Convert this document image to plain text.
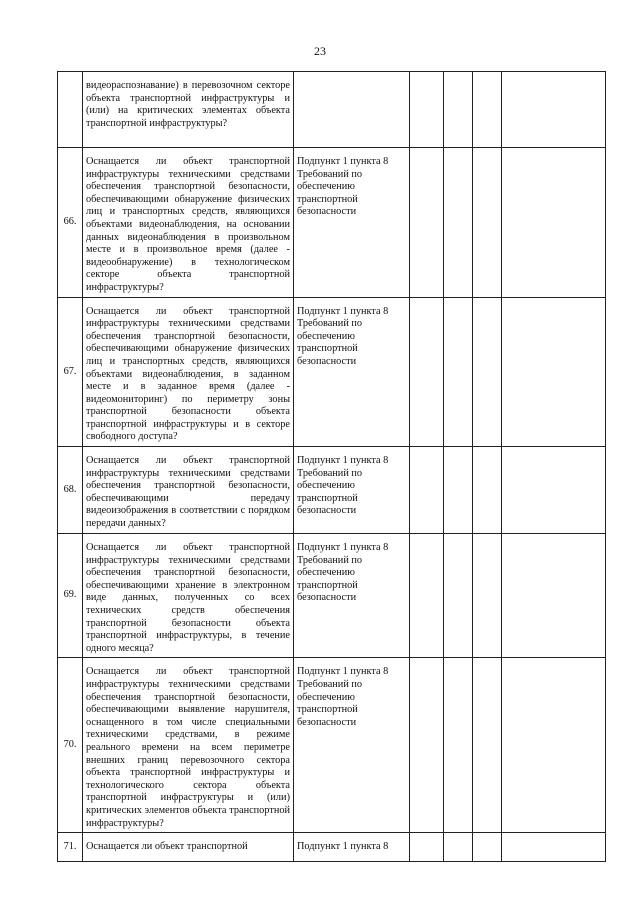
23
	видеораспознавание) в перевозочном секторе объекта транспортной инфраструктуры и (или) на критических элементах объекта транспортной инфраструктуры?					
66.	Оснащается ли объект транспортной инфраструктуры техническими средствами обеспечения транспортной безопасности, обеспечивающими обнаружение физических лиц и транспортных средств, являющихся объектами видеонаблюдения, на основании данных видеонаблюдения в произвольном месте и в произвольное время (далее - видеообнаружение) в технологическом секторе объекта транспортной инфраструктуры?	Подпункт 1 пункта 8 Требований по обеспечению транспортной безопасности				
67.	Оснащается ли объект транспортной инфраструктуры техническими средствами обеспечения транспортной безопасности, обеспечивающими обнаружение физических лиц и транспортных средств, являющихся объектами видеонаблюдения, в заданном месте и в заданное время (далее - видеомониторинг) по периметру зоны транспортной безопасности объекта транспортной инфраструктуры и в секторе свободного доступа?	Подпункт 1 пункта 8 Требований по обеспечению транспортной безопасности				
68.	Оснащается ли объект транспортной инфраструктуры техническими средствами обеспечения транспортной безопасности, обеспечивающими передачу видеоизображения в соответствии с порядком передачи данных?	Подпункт 1 пункта 8 Требований по обеспечению транспортной безопасности				
69.	Оснащается ли объект транспортной инфраструктуры техническими средствами обеспечения транспортной безопасности, обеспечивающими хранение в электронном виде данных, полученных со всех технических средств обеспечения транспортной безопасности объекта транспортной инфраструктуры, в течение одного месяца?	Подпункт 1 пункта 8 Требований по обеспечению транспортной безопасности				
70.	Оснащается ли объект транспортной инфраструктуры техническими средствами обеспечения транспортной безопасности, обеспечивающими выявление нарушителя, оснащенного в том числе специальными техническими средствами, в режиме реального времени на всем периметре внешних границ перевозочного сектора объекта транспортной инфраструктуры и технологического сектора объекта транспортной инфраструктуры и (или) критических элементов объекта транспортной инфраструктуры?	Подпункт 1 пункта 8 Требований по обеспечению транспортной безопасности				
71.	Оснащается ли объект транспортной	Подпункт 1 пункта 8				
